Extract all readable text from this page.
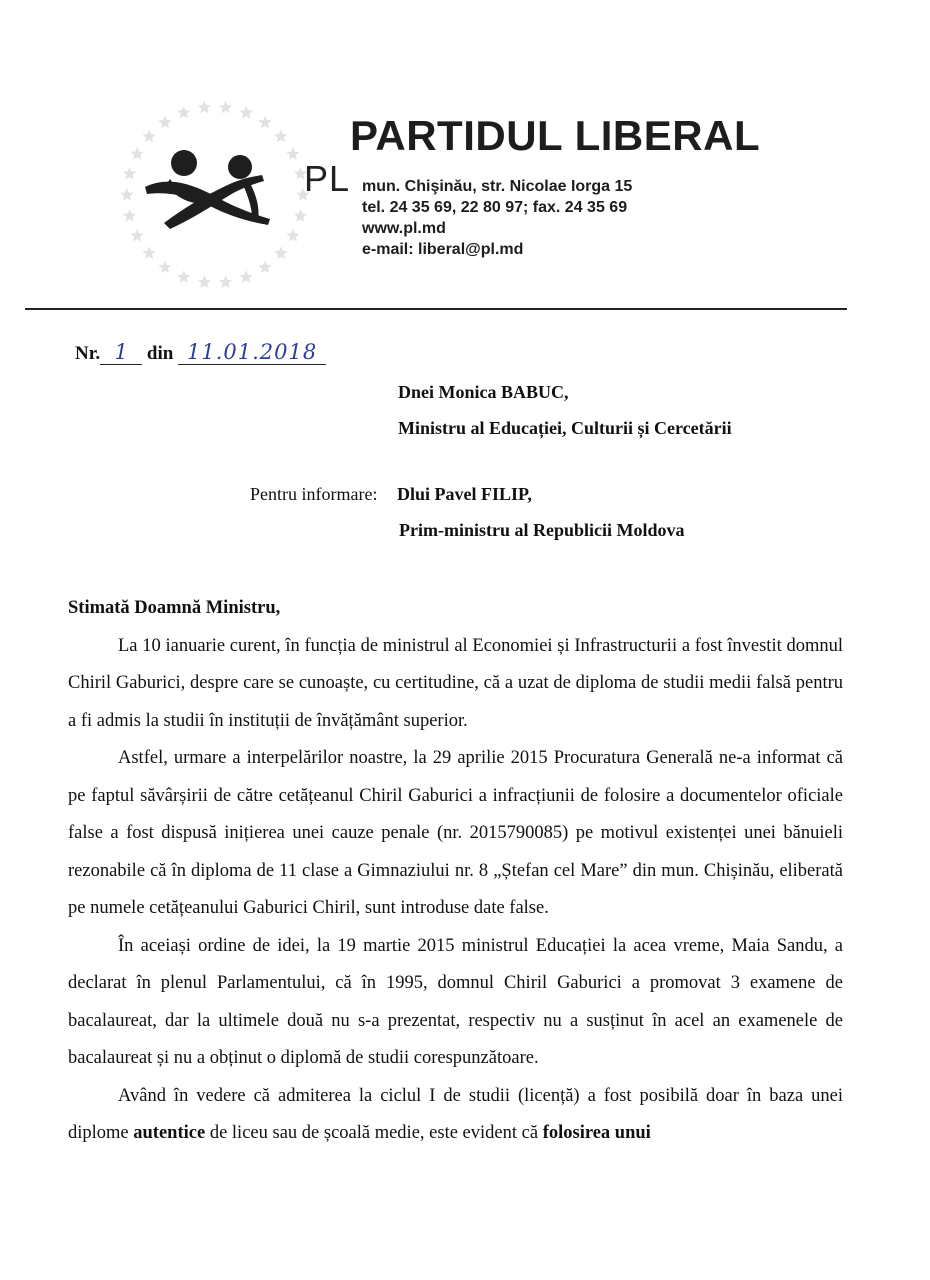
PL
PARTIDUL LIBERAL
mun. Chişinău, str. Nicolae Iorga 15
tel. 24 35 69, 22 80 97; fax. 24 35 69
www.pl.md
e-mail: liberal@pl.md
Nr. 1 din 11.01.2018
Dnei Monica BABUC,
Ministru al Educației, Culturii și Cercetării
Pentru informare: Dlui Pavel FILIP,
Prim-ministru al Republicii Moldova

Stimată Doamnă Ministru,

La 10 ianuarie curent, în funcția de ministrul al Economiei și Infrastructurii a fost învestit domnul Chiril Gaburici, despre care se cunoaște, cu certitudine, că a uzat de diploma de studii medii falsă pentru a fi admis la studii în instituții de învățământ superior.

Astfel, urmare a interpelărilor noastre, la 29 aprilie 2015 Procuratura Generală ne-a informat că pe faptul săvârșirii de către cetățeanul Chiril Gaburici a infracțiunii de folosire a documentelor oficiale false a fost dispusă inițierea unei cauze penale (nr. 2015790085) pe motivul existenței unei bănuieli rezonabile că în diploma de 11 clase a Gimnaziului nr. 8 „Ștefan cel Mare” din mun. Chișinău, eliberată pe numele cetățeanului Gaburici Chiril, sunt introduse date false.

În aceiași ordine de idei, la 19 martie 2015 ministrul Educației la acea vreme, Maia Sandu, a declarat în plenul Parlamentului, că în 1995, domnul Chiril Gaburici a promovat 3 examene de bacalaureat, dar la ultimele două nu s-a prezentat, respectiv nu a susținut în acel an examenele de bacalaureat și nu a obținut o diplomă de studii corespunzătoare.

Având în vedere că admiterea la ciclul I de studii (licență) a fost posibilă doar în baza unei diplome autentice de liceu sau de școală medie, este evident că folosirea unui
